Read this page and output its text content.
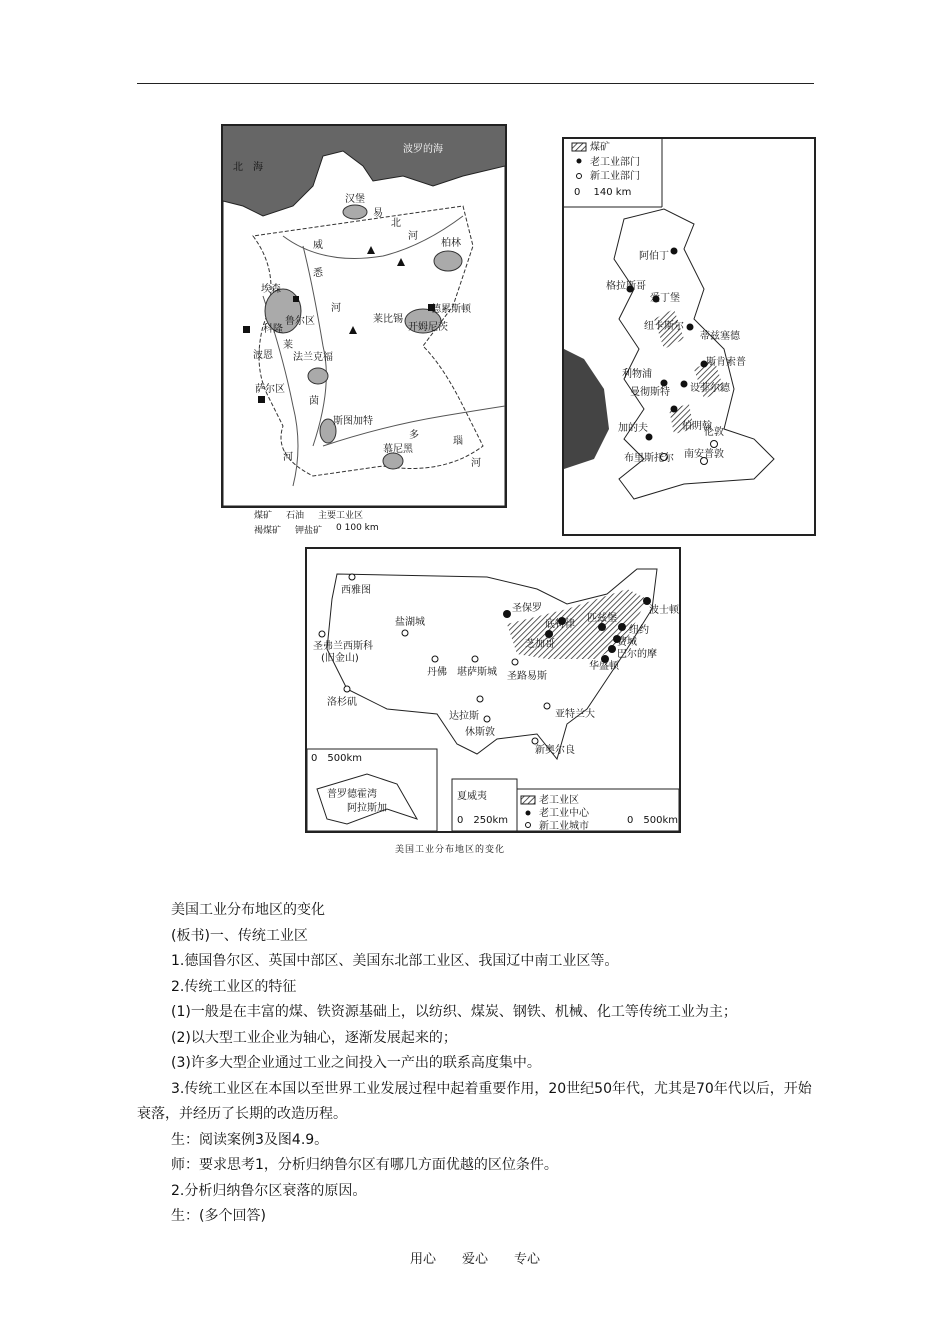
北　海
波罗的海
汉堡
易
北
河
柏林
德累斯顿
莱比锡
开姆尼茨
威
悉
河
埃森
鲁尔区
科隆
波恩
莱
法兰克福
萨尔区
茵
斯图加特
河
多
瑙
慕尼黑
河
煤矿 石油 主要工业区
褐煤矿 钾盐矿 0 100 km
煤矿
老工业部门
新工业部门
0　 140 km
阿伯丁
格拉斯哥
爱丁堡
纽卡斯尔
蒂兹塞德
斯肯索普
利物浦
曼彻斯特 设菲尔德
伯明翰
加的夫	伦敦
南安普敦
布里斯托尔
西雅图
盐湖城
圣弗兰西斯科
(旧金山)
丹佛 堪萨斯城 圣路易斯
洛杉矶
达拉斯
休斯敦
亚特兰大
新奥尔良
圣保罗
底特律
芝加哥
匹兹堡
纽约
费城
波士顿
巴尔的摩
华盛顿
0　500km
普罗德霍湾
阿拉斯加
夏威夷
0　250km
老工业区
老工业中心
新工业城市
0　500km
美国工业分布地区的变化

美国工业分布地区的变化

(板书)一、传统工业区

1.德国鲁尔区、英国中部区、美国东北部工业区、我国辽中南工业区等。

2.传统工业区的特征

(1)一般是在丰富的煤、铁资源基础上，以纺织、煤炭、钢铁、机械、化工等传统工业为主；

(2)以大型工业企业为轴心，逐渐发展起来的；

(3)许多大型企业通过工业之间投入一产出的联系高度集中。

3.传统工业区在本国以至世界工业发展过程中起着重要作用，20世纪50年代，尤其是70年代以后，开始衰落，并经历了长期的改造历程。

生：阅读案例3及图4.9。

师：要求思考1，分析归纳鲁尔区有哪几方面优越的区位条件。

2.分析归纳鲁尔区衰落的原因。

生：(多个回答)

用心　　爱心　　专心
